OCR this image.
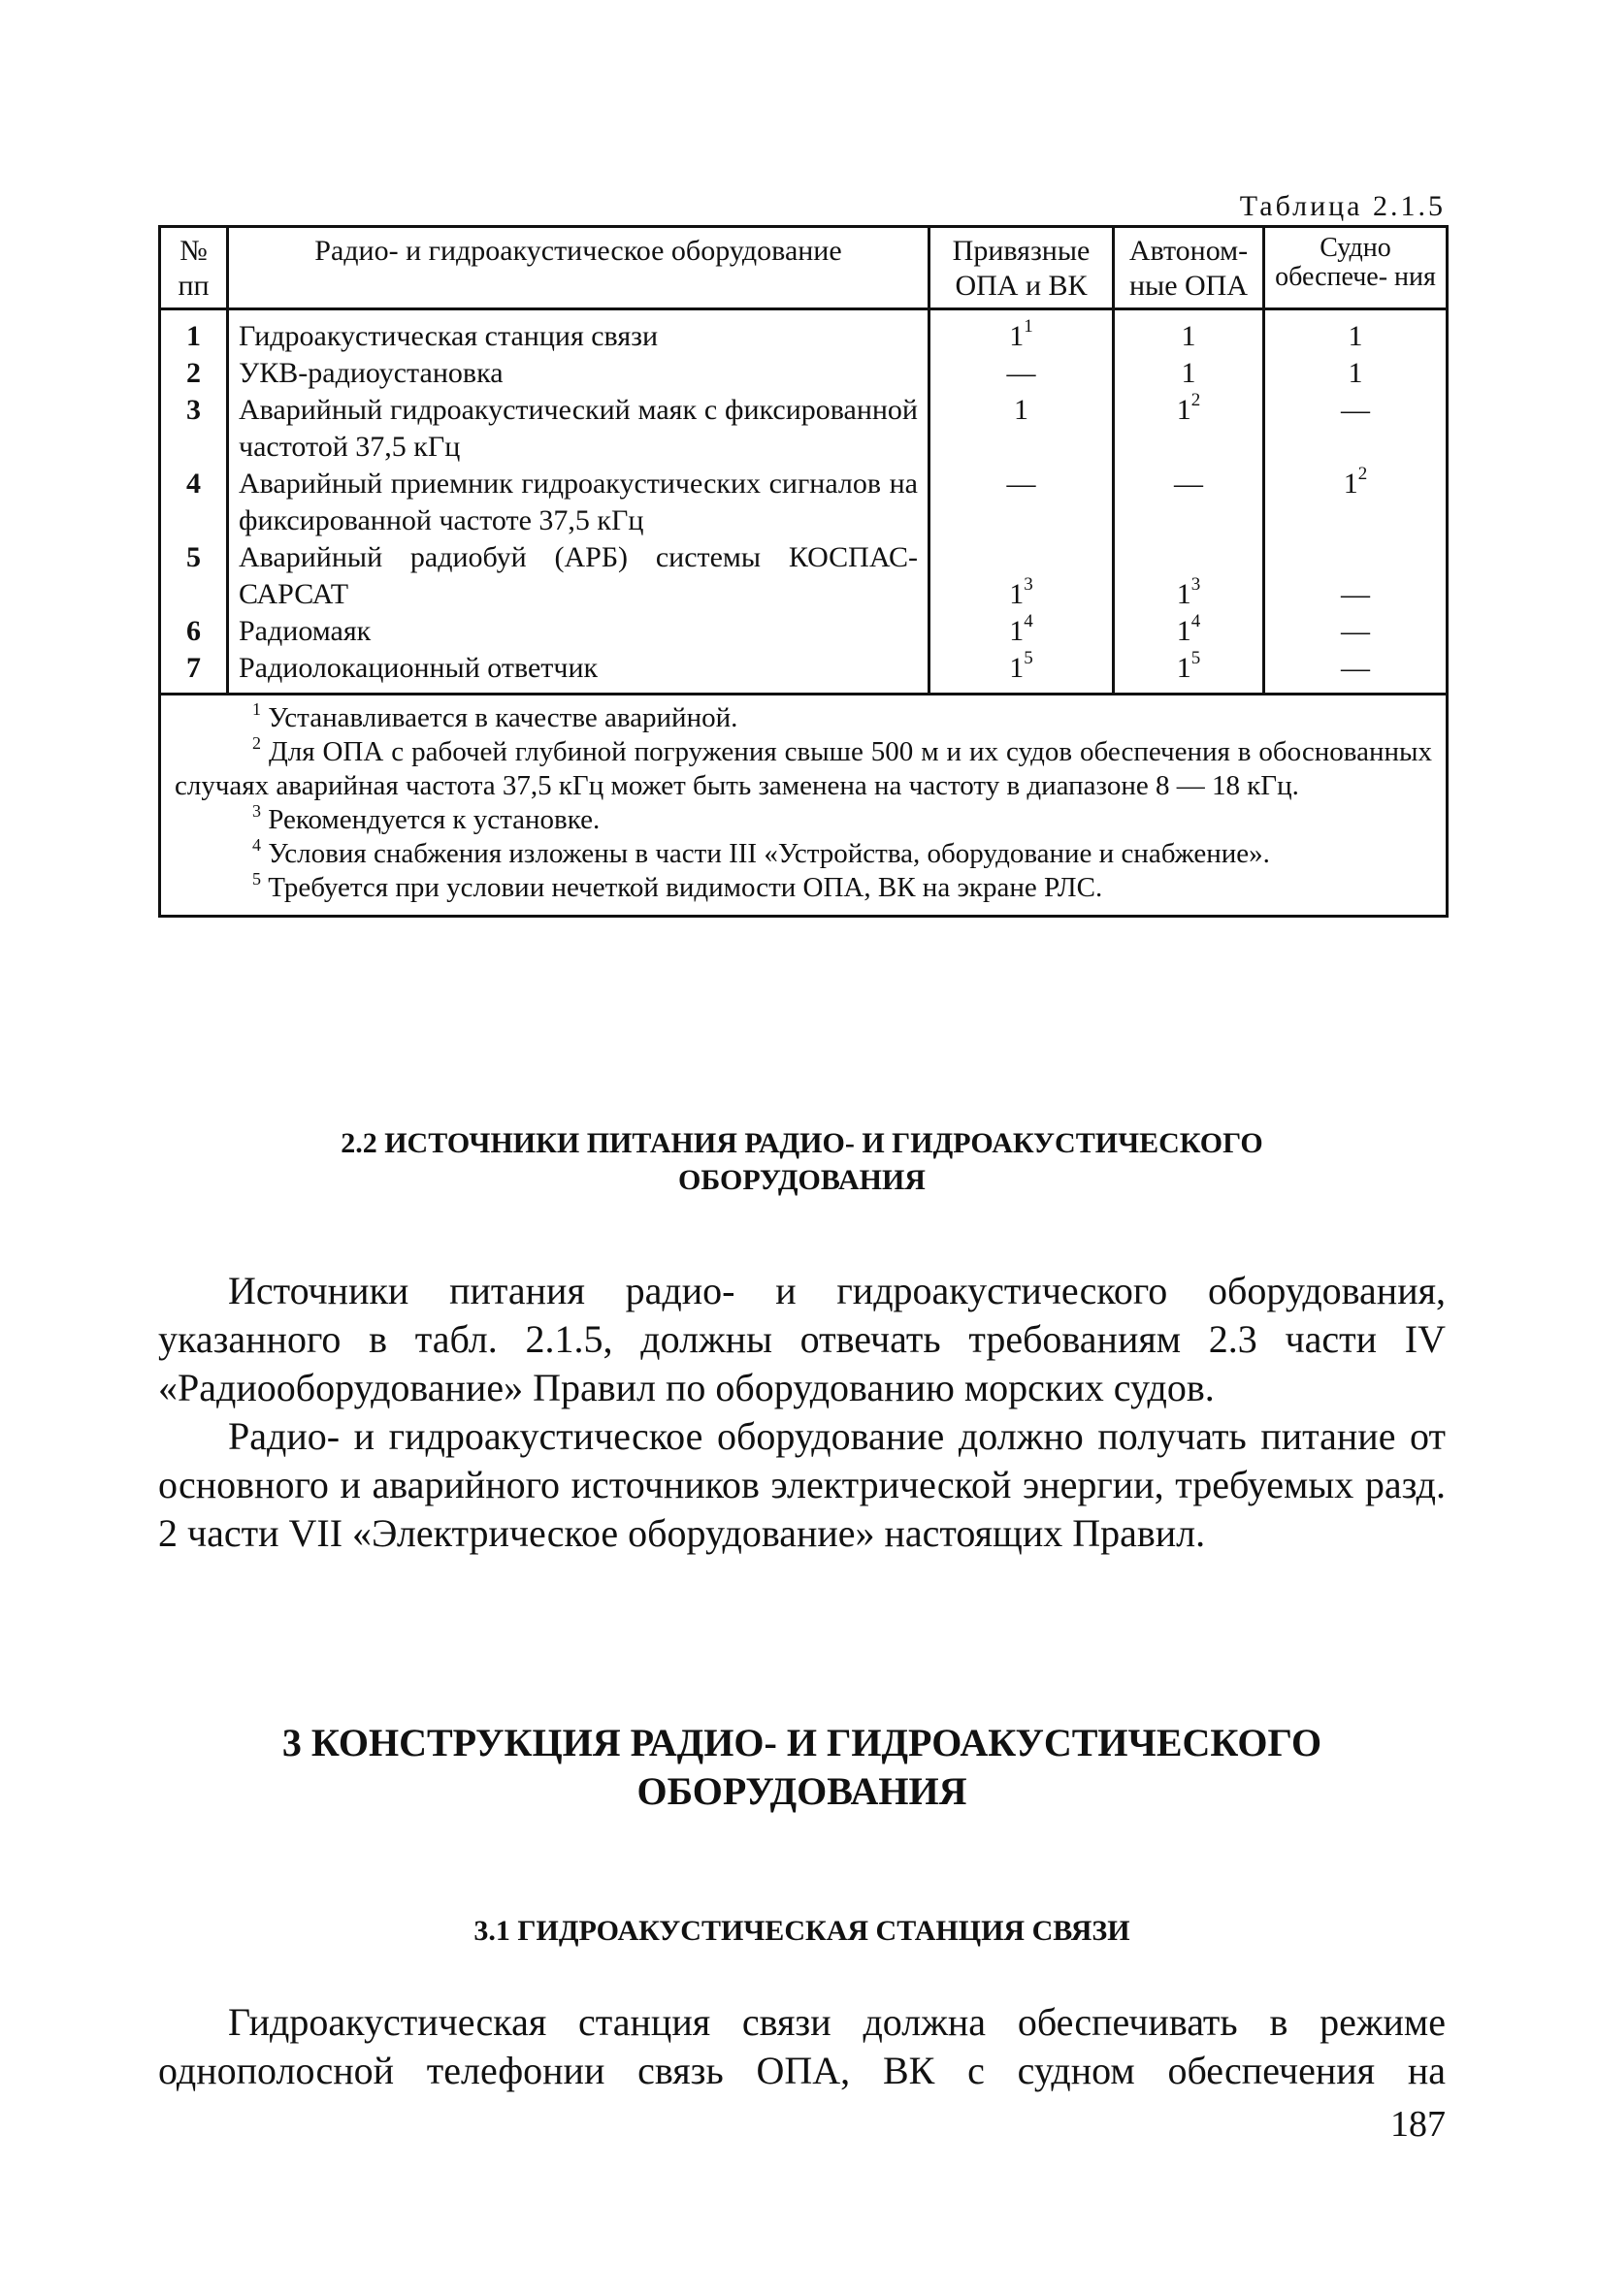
Таблица 2.1.5
№ пп	Радио- и гидроакустическое оборудование	Привязные ОПА и ВК	Автоном- ные ОПА	Судно обеспече- ния

1	Гидроакустическая станция связи	$1^1$	1	1
2	УКВ-радиоустановка	—	1	1
3	Аварийный гидроакустический маяк с фиксированной частотой 37,5 кГц	1	$1^2$	—
4	Аварийный приемник гидроакустических сигналов на фиксированной частоте 37,5 кГц	—	—	$1^2$
5	Аварийный радиобуй (АРБ) системы КОСПАС-САРСАТ	$1^3$	$1^3$	—
6	Радиомаяк	$1^4$	$1^4$	—
7	Радиолокационный ответчик	$1^5$	$1^5$	—

$^1$ Устанавливается в качестве аварийной.
$^2$ Для ОПА с рабочей глубиной погружения свыше 500 м и их судов обеспечения в обоснованных случаях аварийная частота 37,5 кГц может быть заменена на частоту в диапазоне 8 — 18 кГц.
$^3$ Рекомендуется к установке.
$^4$ Условия снабжения изложены в части III «Устройства, оборудование и снабжение».
$^5$ Требуется при условии нечеткой видимости ОПА, ВК на экране РЛС.				
2.2 ИСТОЧНИКИ ПИТАНИЯ РАДИО- И ГИДРОАКУСТИЧЕСКОГО
ОБОРУДОВАНИЯ
Источники питания радио- и гидроакустического оборудования, указанного в табл. 2.1.5, должны отвечать требованиям 2.3 части IV «Радиооборудование» Правил по оборудованию морских судов.
Радио- и гидроакустическое оборудование должно получать питание от основного и аварийного источников электрической энергии, требуемых разд. 2 части VII «Электрическое оборудование» настоящих Правил.
3 КОНСТРУКЦИЯ РАДИО- И ГИДРОАКУСТИЧЕСКОГО
ОБОРУДОВАНИЯ
3.1 ГИДРОАКУСТИЧЕСКАЯ СТАНЦИЯ СВЯЗИ
Гидроакустическая станция связи должна обеспечивать в режиме однополосной телефонии связь ОПА, ВК с судном обеспечения на
187
